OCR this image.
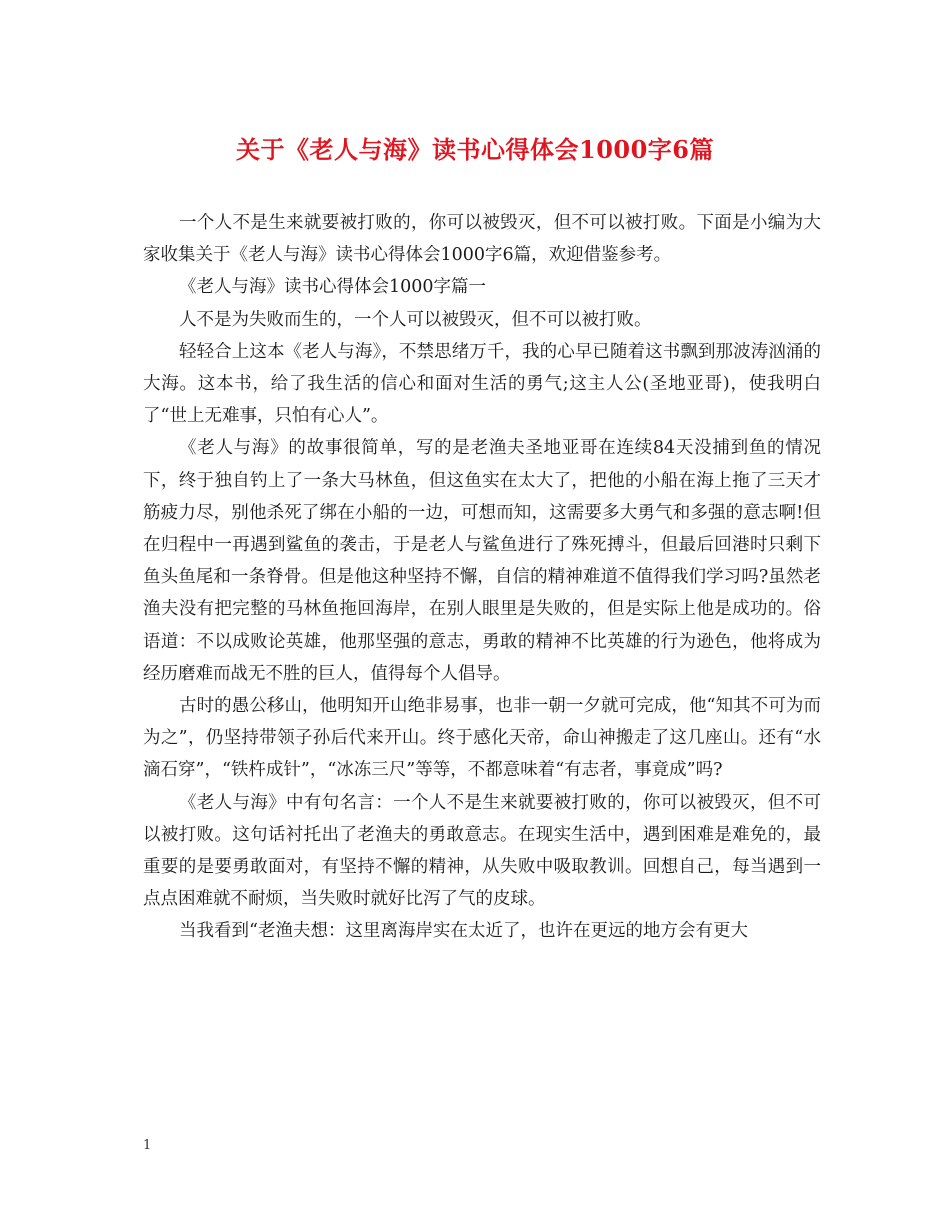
关于《老人与海》读书心得体会1000字6篇

一个人不是生来就要被打败的，你可以被毁灭，但不可以被打败。下面是小编为大家收集关于《老人与海》读书心得体会1000字6篇，欢迎借鉴参考。

《老人与海》读书心得体会1000字篇一

人不是为失败而生的，一个人可以被毁灭，但不可以被打败。

轻轻合上这本《老人与海》，不禁思绪万千，我的心早已随着这书飘到那波涛汹涌的大海。这本书，给了我生活的信心和面对生活的勇气;这主人公(圣地亚哥)，使我明白了“世上无难事，只怕有心人”。

《老人与海》的故事很简单，写的是老渔夫圣地亚哥在连续84天没捕到鱼的情况下，终于独自钓上了一条大马林鱼，但这鱼实在太大了，把他的小船在海上拖了三天才筋疲力尽，别他杀死了绑在小船的一边，可想而知，这需要多大勇气和多强的意志啊!但在归程中一再遇到鲨鱼的袭击，于是老人与鲨鱼进行了殊死搏斗，但最后回港时只剩下鱼头鱼尾和一条脊骨。但是他这种坚持不懈，自信的精神难道不值得我们学习吗?虽然老渔夫没有把完整的马林鱼拖回海岸，在别人眼里是失败的，但是实际上他是成功的。俗语道：不以成败论英雄，他那坚强的意志，勇敢的精神不比英雄的行为逊色，他将成为经历磨难而战无不胜的巨人，值得每个人倡导。

古时的愚公移山，他明知开山绝非易事，也非一朝一夕就可完成，他“知其不可为而为之”，仍坚持带领子孙后代来开山。终于感化天帝，命山神搬走了这几座山。还有“水滴石穿”，“铁杵成针”，“冰冻三尺”等等，不都意味着“有志者，事竟成”吗?

《老人与海》中有句名言：一个人不是生来就要被打败的，你可以被毁灭，但不可以被打败。这句话衬托出了老渔夫的勇敢意志。在现实生活中，遇到困难是难免的，最重要的是要勇敢面对，有坚持不懈的精神，从失败中吸取教训。回想自己，每当遇到一点点困难就不耐烦，当失败时就好比泻了气的皮球。

当我看到“老渔夫想：这里离海岸实在太近了，也许在更远的地方会有更大

1
